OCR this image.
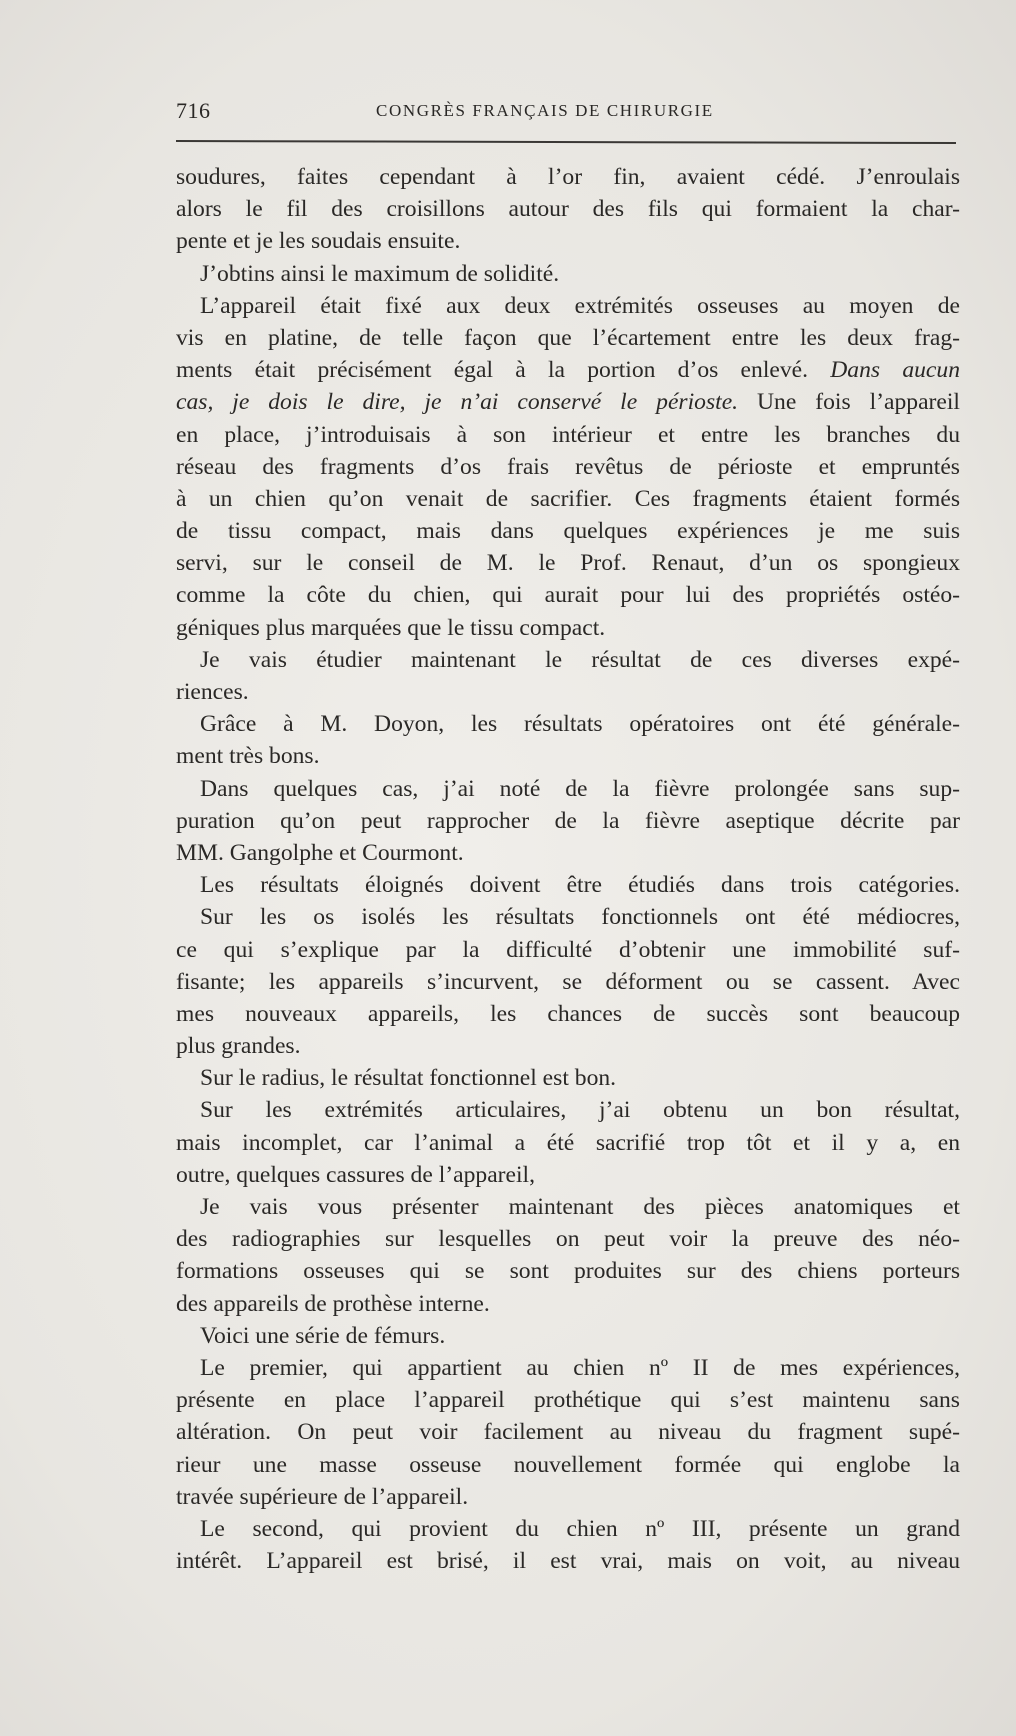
716	CONGRÈS FRANÇAIS DE CHIRURGIE
soudures, faites cependant à l’or fin, avaient cédé. J’enroulais
alors le fil des croisillons autour des fils qui formaient la char-
pente et je les soudais ensuite.
J’obtins ainsi le maximum de solidité.
L’appareil était fixé aux deux extrémités osseuses au moyen de
vis en platine, de telle façon que l’écartement entre les deux frag-
ments était précisément égal à la portion d’os enlevé. Dans aucun
cas, je dois le dire, je n’ai conservé le périoste. Une fois l’appareil
en place, j’introduisais à son intérieur et entre les branches du
réseau des fragments d’os frais revêtus de périoste et empruntés
à un chien qu’on venait de sacrifier. Ces fragments étaient formés
de tissu compact, mais dans quelques expériences je me suis
servi, sur le conseil de M. le Prof. Renaut, d’un os spongieux
comme la côte du chien, qui aurait pour lui des propriétés ostéo-
géniques plus marquées que le tissu compact.
Je vais étudier maintenant le résultat de ces diverses expé-
riences.
Grâce à M. Doyon, les résultats opératoires ont été générale-
ment très bons.
Dans quelques cas, j’ai noté de la fièvre prolongée sans sup-
puration qu’on peut rapprocher de la fièvre aseptique décrite par
MM. Gangolphe et Courmont.
Les résultats éloignés doivent être étudiés dans trois catégories.
Sur les os isolés les résultats fonctionnels ont été médiocres,
ce qui s’explique par la difficulté d’obtenir une immobilité suf-
fisante; les appareils s’incurvent, se déforment ou se cassent. Avec
mes nouveaux appareils, les chances de succès sont beaucoup
plus grandes.
Sur le radius, le résultat fonctionnel est bon.
Sur les extrémités articulaires, j’ai obtenu un bon résultat,
mais incomplet, car l’animal a été sacrifié trop tôt et il y a, en
outre, quelques cassures de l’appareil,
Je vais vous présenter maintenant des pièces anatomiques et
des radiographies sur lesquelles on peut voir la preuve des néo-
formations osseuses qui se sont produites sur des chiens porteurs
des appareils de prothèse interne.
Voici une série de fémurs.
Le premier, qui appartient au chien nº II de mes expériences,
présente en place l’appareil prothétique qui s’est maintenu sans
altération. On peut voir facilement au niveau du fragment supé-
rieur une masse osseuse nouvellement formée qui englobe la
travée supérieure de l’appareil.
Le second, qui provient du chien nº III, présente un grand
intérêt. L’appareil est brisé, il est vrai, mais on voit, au niveau
